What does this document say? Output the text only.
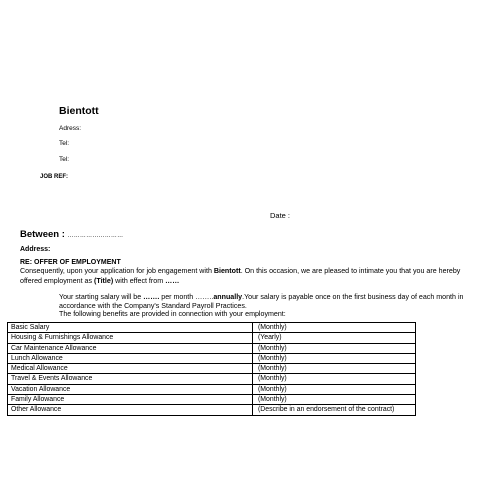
Bientott
Adress:
Tel:
Tel:
JOB REF:
Date :
Between : ………………………
Address:
RE: OFFER OF EMPLOYMENT
Consequently, upon your application for job engagement with Bientott. On this occasion, we are pleased to intimate you that you are hereby offered employment as (Title) with effect from ……
Your starting salary will be ……. per month ……..annually.Your salary is payable once on the first business day of each month in accordance with the Company's Standard Payroll Practices.
The following benefits are provided in connection with your employment:
Basic Salary	(Monthly)
Housing & Furnishings Allowance	(Yearly)
Car Maintenance Allowance	(Monthly)
Lunch Allowance	(Monthly)
Medical Allowance	(Monthly)
Travel & Events Allowance	(Monthly)
Vacation Allowance	(Monthly)
Family Allowance	(Monthly)
Other Allowance	(Describe in an endorsement of the contract)
